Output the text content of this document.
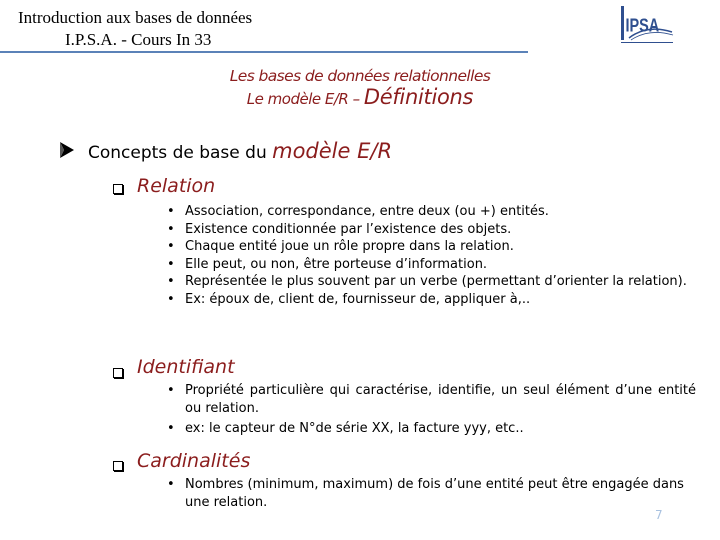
Introduction aux bases de données
I.P.S.A. - Cours In 33
IPSA
Les bases de données relationnelles
Le modèle E/R – Définitions
Concepts de base du modèle E/R
Relation
• Association, correspondance, entre deux (ou +) entités.
• Existence conditionnée par l’existence des objets.
• Chaque entité joue un rôle propre dans la relation.
• Elle peut, ou non, être porteuse d’information.
• Représentée le plus souvent par un verbe (permettant d’orienter la relation).
• Ex: époux de, client de, fournisseur de, appliquer à,..
Identifiant
• Propriété particulière qui caractérise, identifie, un seul élément d’une entité ou relation.
• ex: le capteur de N°de série XX, la facture yyy, etc..
Cardinalités
• Nombres (minimum, maximum) de fois d’une entité peut être engagée dans une relation.
7
